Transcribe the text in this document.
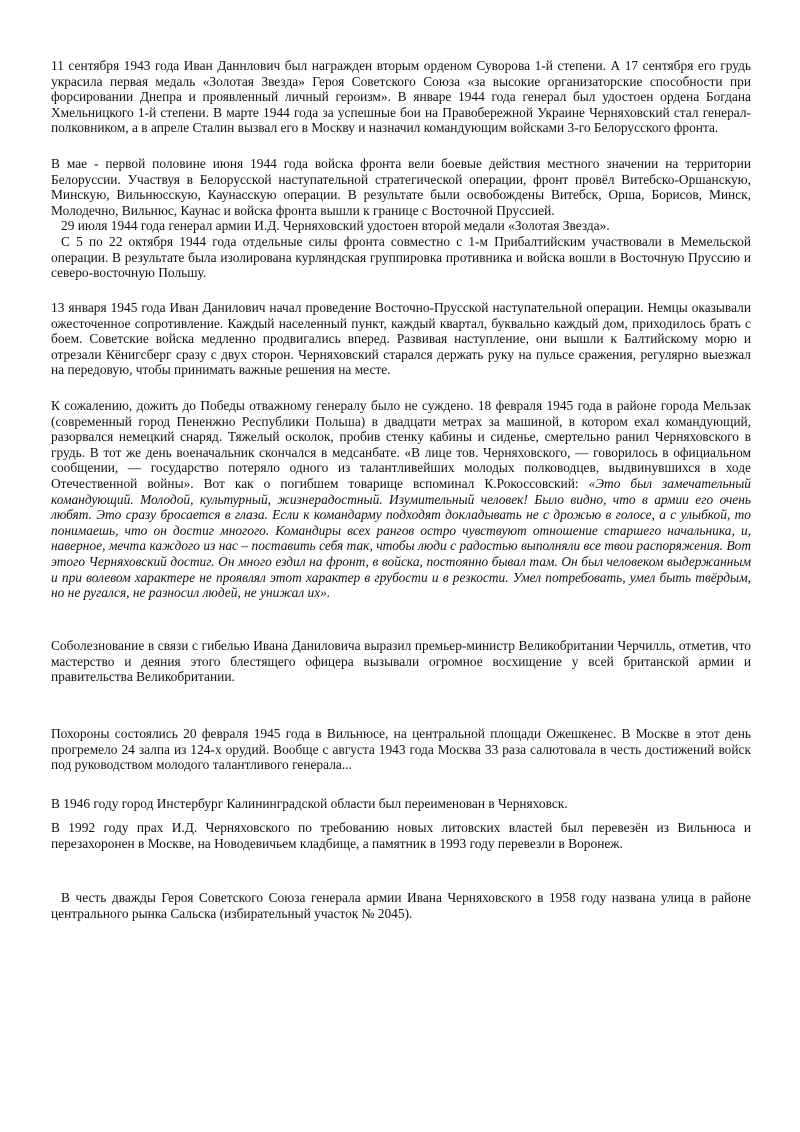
11 сентября 1943 года Иван Даннлович был награжден вторым орденом Суворова 1-й степени. А 17 сентября его грудь украсила первая медаль «Золотая Звезда» Героя Советского Союза «за высокие организаторские способности при форсировании Днепра и проявленный личный героизм». В январе 1944 года генерал был удостоен ордена Богдана Хмельницкого 1-й степени. В марте 1944 года за успешные бои на Правобережной Украине Черняховский стал генерал-полковником, а в апреле Сталин вызвал его в Москву и назначил командующим войсками 3-го Белорусского фронта.

В мае - первой половине июня 1944 года войска фронта вели боевые действия местного значении на территории Белоруссии. Участвуя в Белорусской наступательной стратегической операции, фронт провёл Витебско-Оршанскую, Минскую, Вильнюсскую, Каунасскую операции. В результате были освобождены Витебск, Орша, Борисов, Минск, Молодечно, Вильнюс, Каунас и войска фронта вышли к границе с Восточной Пруссией.

29 июля 1944 года генерал армии И.Д. Черняховский удостоен второй медали «Золотая Звезда».

С 5 по 22 октября 1944 года отдельные силы фронта совместно с 1-м Прибалтийским участвовали в Мемельской операции. В результате была изолирована курляндская группировка противника и войска вошли в Восточную Пруссию и северо-восточную Польшу.

13 января 1945 года Иван Данилович начал проведение Восточно-Прусской наступательной операции. Немцы оказывали ожесточенное сопротивление. Каждый населенный пункт, каждый квартал, буквально каждый дом, приходилось брать с боем. Советские войска медленно продвигались вперед. Развивая наступление, они вышли к Балтийскому морю и отрезали Кёнигсберг сразу с двух сторон. Черняховский старался держать руку на пульсе сражения, регулярно выезжал на передовую, чтобы принимать важные решения на месте.

К сожалению, дожить до Победы отважному генералу было не суждено. 18 февраля 1945 года в районе города Мельзак (современный город Пененжно Республики Польша) в двадцати метрах за машиной, в котором ехал командующий, разорвался немецкий снаряд. Тяжелый осколок, пробив стенку кабины и сиденье, смертельно ранил Черняховского в грудь. В тот же день военачальник скончался в медсанбате. «В лице тов. Черняховского, — говорилось в официальном сообщении, — государство потеряло одного из талантливейших молодых полководцев, выдвинувшихся в ходе Отечественной войны». Вот как о погибшем товарище вспоминал К.Рокоссовский: «Это был замечательный командующий. Молодой, культурный, жизнерадостный. Изумительный человек! Было видно, что в армии его очень любят. Это сразу бросается в глаза. Если к командарму подходят докладывать не с дрожью в голосе, а с улыбкой, то понимаешь, что он достиг многого. Командиры всех рангов остро чувствуют отношение старшего начальника, и, наверное, мечта каждого из нас – поставить себя так, чтобы люди с радостью выполняли все твои распоряжения. Вот этого Черняховский достиг. Он много ездил на фронт, в войска, постоянно бывал там. Он был человеком выдержанным и при волевом характере не проявлял этот характер в грубости и в резкости. Умел потребовать, умел быть твёрдым, но не ругался, не разносил людей, не унижал их».

Соболезнование в связи с гибелью Ивана Даниловича выразил премьер-министр Великобритании Черчилль, отметив, что мастерство и деяния этого блестящего офицера вызывали огромное восхищение у всей британской армии и правительства Великобритании.

Похороны состоялись 20 февраля 1945 года в Вильнюсе, на центральной площади Ожешкенес. В Москве в этот день прогремело 24 залпа из 124-х орудий. Вообще с августа 1943 года Москва 33 раза салютовала в честь достижений войск под руководством молодого талантливого генерала...

В 1946 году город Инстербург Калининградской области был переименован в Черняховск.

В 1992 году прах И.Д. Черняховского по требованию новых литовских властей был перевезён из Вильнюса и перезахоронен в Москве, на Новодевичьем кладбище, а памятник в 1993 году перевезли в Воронеж.

В честь дважды Героя Советского Союза генерала армии Ивана Черняховского в 1958 году названа улица в районе центрального рынка Сальска (избирательный участок № 2045).
